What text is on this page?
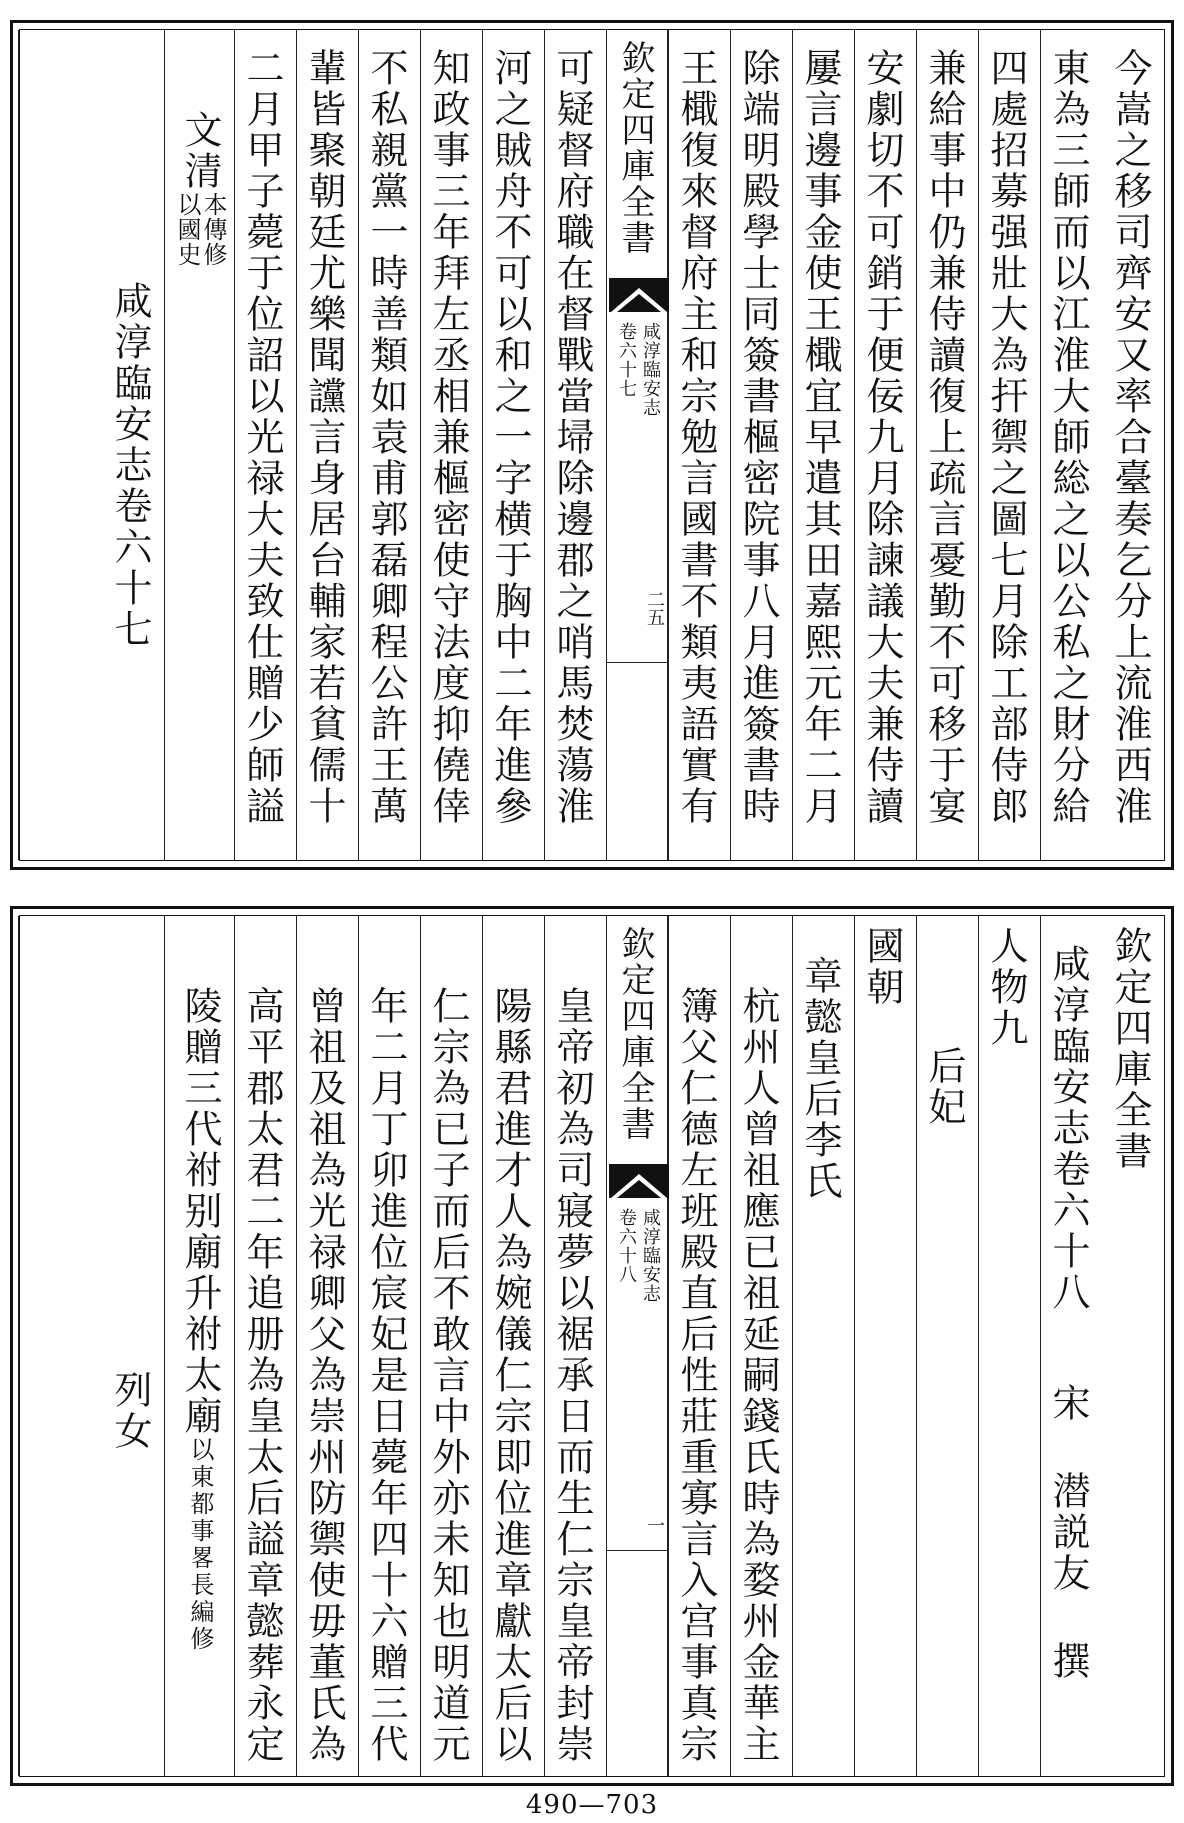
今嵩之移司齊安又率合臺奏乞分上流淮西淮
東為三師而以江淮大師総之以公私之財分給
四處招募强壯大為扞禦之圖七月除工部侍郎
兼給事中仍兼侍讀復上疏言憂勤不可移于宴
安劇切不可銷于便佞九月除諫議大夫兼侍讀
屢言邊事金使王檝宜早遣其田嘉熙元年二月
除端明殿學士同簽書樞密院事八月進簽書時
王檝復來督府主和宗勉言國書不類夷語實有
欽定四庫全書
咸淳臨安志
卷六十七
二五
可疑督府職在督戰當埽除邊郡之哨馬焚蕩淮
河之賊舟不可以和之一字横于胸中二年進參
知政事三年拜左丞相兼樞密使守法度抑僥倖
不私親黨一時善類如袁甫郭磊卿程公許王萬
輩皆聚朝廷尤樂聞讜言身居台輔家若貧儒十
二月甲子薨于位詔以光禄大夫致仕贈少師謚
文清以國史本傳修
咸淳臨安志卷六十七
欽定四庫全書
咸淳臨安志卷六十八宋 潜説友 撰
人物九
后妃
國朝
章懿皇后李氏
杭州人曾祖應已祖延嗣錢氏時為婺州金華主
簿父仁德左班殿直后性莊重寡言入宫事真宗
欽定四庫全書
咸淳臨安志
卷六十八
一
皇帝初為司寢夢以裾承日而生仁宗皇帝封崇
陽縣君進才人為婉儀仁宗即位進章獻太后以
仁宗為已子而后不敢言中外亦未知也明道元
年二月丁卯進位宸妃是日薨年四十六贈三代
曾祖及祖為光禄卿父為崇州防禦使毋董氏為
高平郡太君二年追册為皇太后謚章懿葬永定
陵贈三代祔别廟升祔太廟以東都事畧長編修
列女
490—703
